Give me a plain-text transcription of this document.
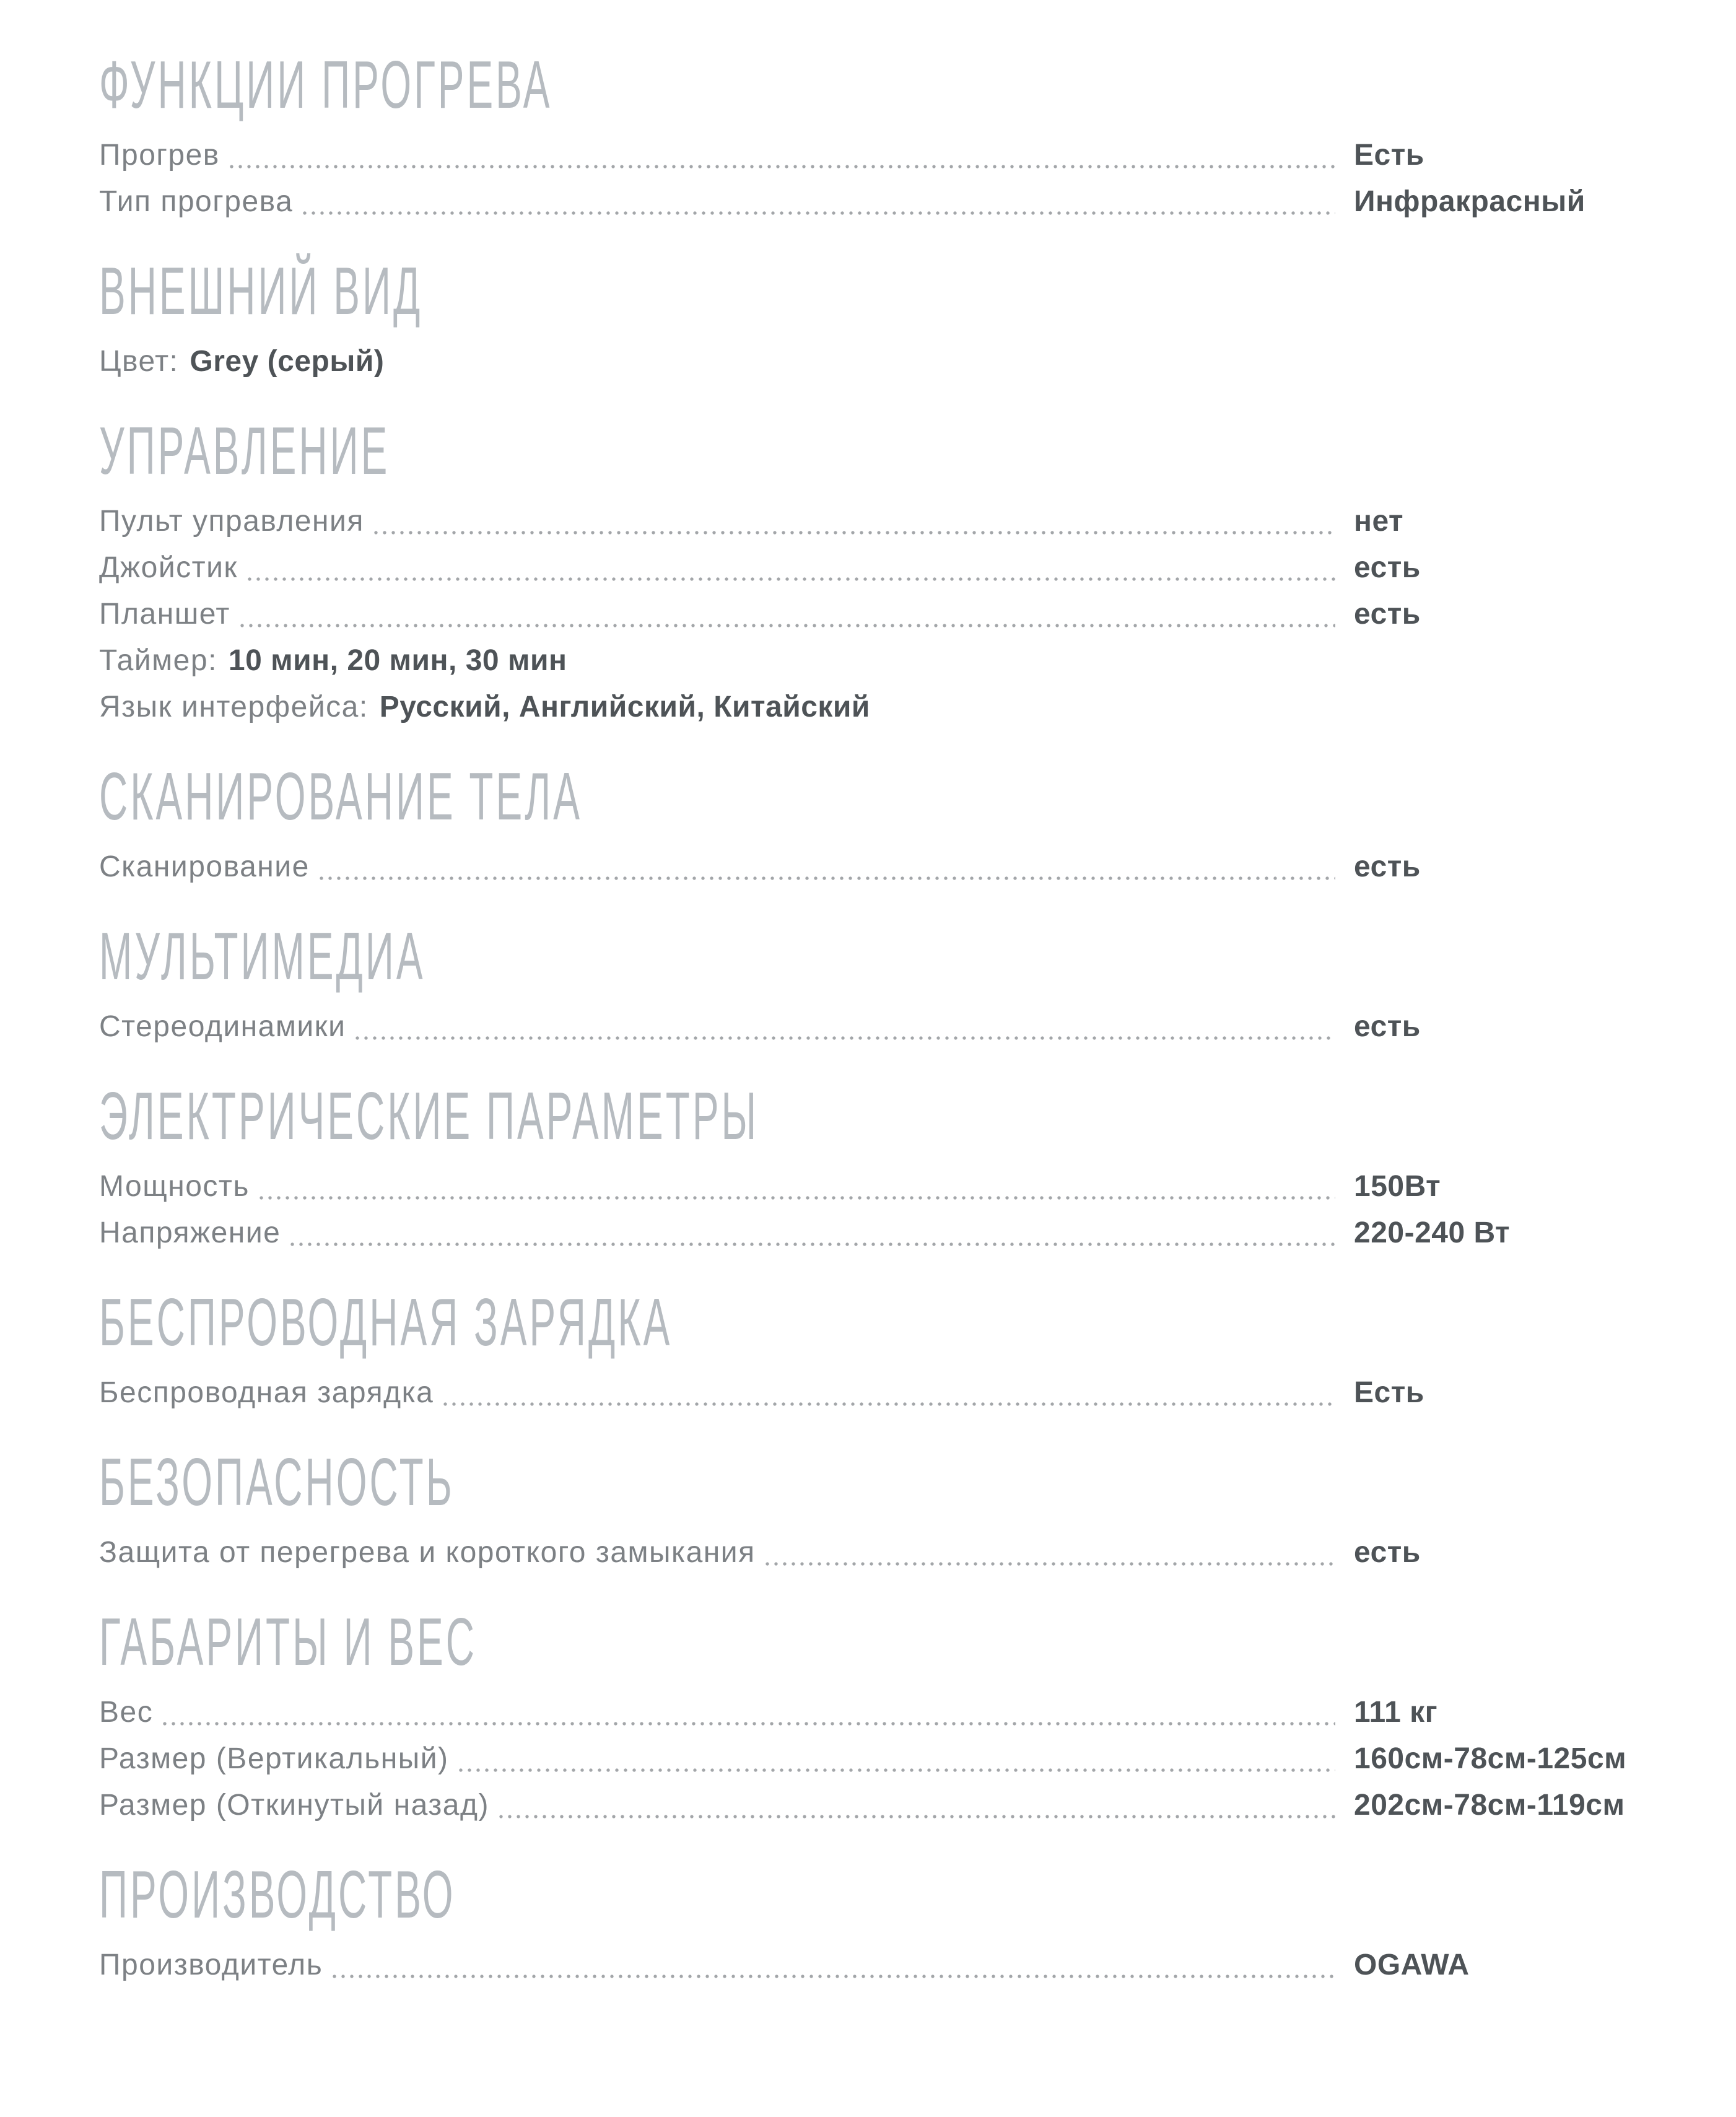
ФУНКЦИИ ПРОГРЕВА
Прогрев	Есть
Тип прогрева	Инфракрасный
ВНЕШНИЙ ВИД
Цвет: Grey (серый)
УПРАВЛЕНИЕ
Пульт управления	нет
Джойстик	есть
Планшет	есть
Таймер: 10 мин, 20 мин, 30 мин
Язык интерфейса: Русский, Английский, Китайский
СКАНИРОВАНИЕ ТЕЛА
Сканирование	есть
МУЛЬТИМЕДИА
Стереодинамики	есть
ЭЛЕКТРИЧЕСКИЕ ПАРАМЕТРЫ
Мощность	150Вт
Напряжение	220-240 Вт
БЕСПРОВОДНАЯ ЗАРЯДКА
Беспроводная зарядка	Есть
БЕЗОПАСНОСТЬ
Защита от перегрева и короткого замыкания	есть
ГАБАРИТЫ И ВЕС
Вес	111 кг
Размер (Вертикальный)	160см-78см-125см
Размер (Откинутый назад)	202см-78см-119см
ПРОИЗВОДСТВО
Производитель	OGAWA
